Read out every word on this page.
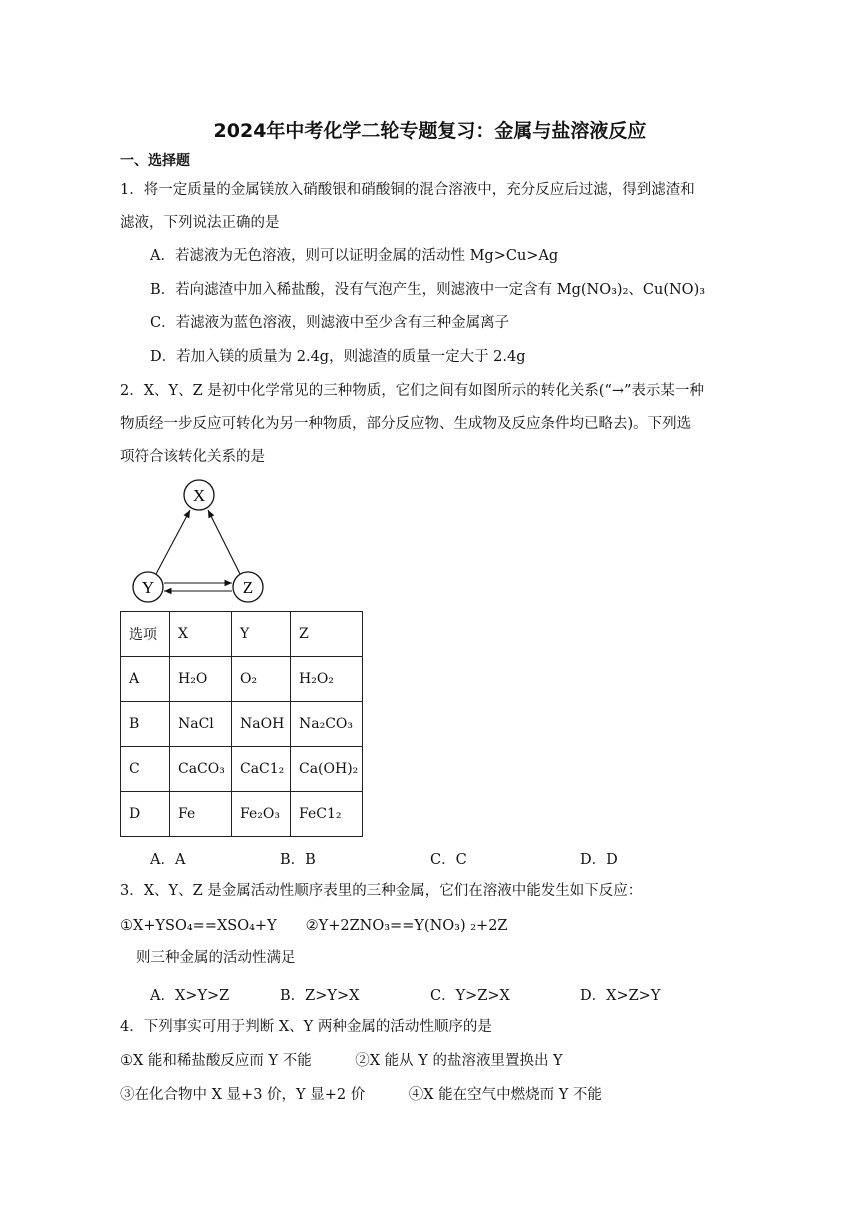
2024年中考化学二轮专题复习：金属与盐溶液反应
一、选择题
1．将一定质量的金属镁放入硝酸银和硝酸铜的混合溶液中，充分反应后过滤，得到滤渣和
滤液，下列说法正确的是
A．若滤液为无色溶液，则可以证明金属的活动性 Mg>Cu>Ag
B．若向滤渣中加入稀盐酸，没有气泡产生，则滤液中一定含有 Mg(NO₃)₂、Cu(NO)₃
C．若滤液为蓝色溶液，则滤液中至少含有三种金属离子
D．若加入镁的质量为 2.4g，则滤渣的质量一定大于 2.4g
2．X、Y、Z 是初中化学常见的三种物质，它们之间有如图所示的转化关系(“→”表示某一种
物质经一步反应可转化为另一种物质，部分反应物、生成物及反应条件均已略去)。下列选
项符合该转化关系的是
X
Y	Z
选项	X	Y	Z
A	H₂O	O₂	H₂O₂
B	NaCl	NaOH	Na₂CO₃
C	CaCO₃	CaC1₂	Ca(OH)₂
D	Fe	Fe₂O₃	FeC1₂
A．A	B．B	C．C	D．D
3．X、Y、Z 是金属活动性顺序表里的三种金属，它们在溶液中能发生如下反应：
①X+YSO₄==XSO₄+Y　　②Y+2ZNO₃==Y(NO₃) ₂+2Z
则三种金属的活动性满足
A．X>Y>Z	B．Z>Y>X	C．Y>Z>X	D．X>Z>Y
4．下列事实可用于判断 X、Y 两种金属的活动性顺序的是
①X 能和稀盐酸反应而 Y 不能　　　②X 能从 Y 的盐溶液里置换出 Y
③在化合物中 X 显+3 价，Y 显+2 价　　　④X 能在空气中燃烧而 Y 不能
